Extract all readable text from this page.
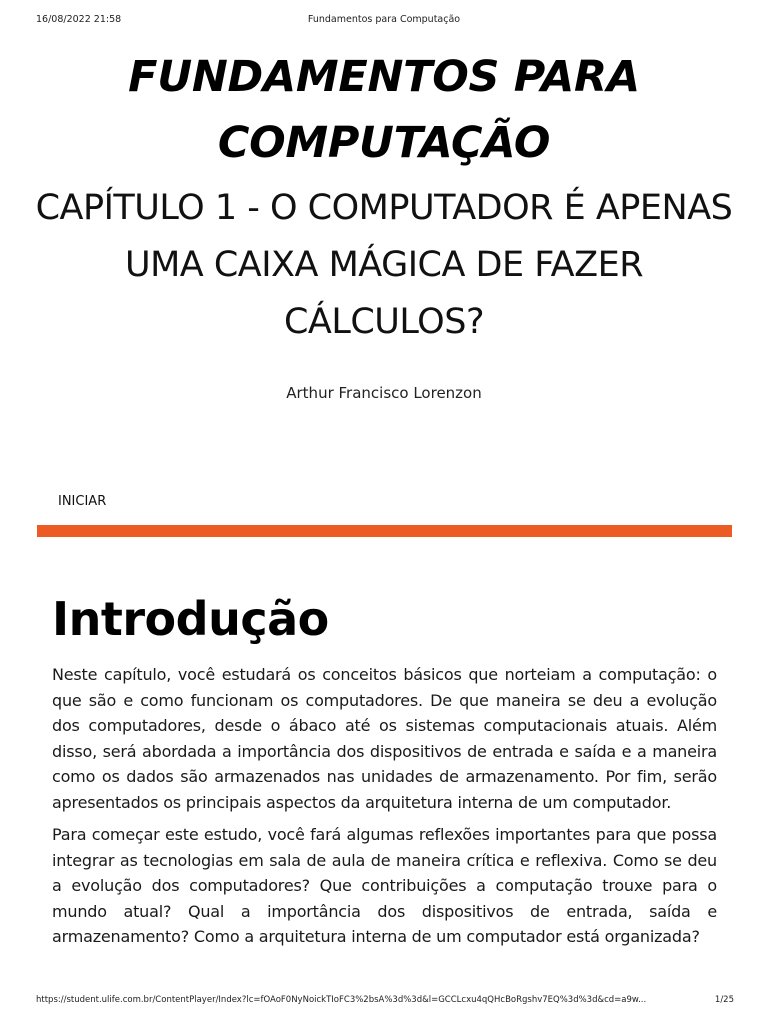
16/08/2022 21:58	Fundamentos para Computação
FUNDAMENTOS PARA COMPUTAÇÃO
CAPÍTULO 1 - O COMPUTADOR É APENAS UMA CAIXA MÁGICA DE FAZER CÁLCULOS?
Arthur Francisco Lorenzon
INICIAR
Introdução

Neste capítulo, você estudará os conceitos básicos que norteiam a computação: o que são e como funcionam os computadores. De que maneira se deu a evolução dos computadores, desde o ábaco até os sistemas computacionais atuais. Além disso, será abordada a importância dos dispositivos de entrada e saída e a maneira como os dados são armazenados nas unidades de armazenamento. Por fim, serão apresentados os principais aspectos da arquitetura interna de um computador.

Para começar este estudo, você fará algumas reflexões importantes para que possa integrar as tecnologias em sala de aula de maneira crítica e reflexiva. Como se deu a evolução dos computadores? Que contribuições a computação trouxe para o mundo atual? Qual a importância dos dispositivos de entrada, saída e armazenamento? Como a arquitetura interna de um computador está organizada?

https://student.ulife.com.br/ContentPlayer/Index?lc=fOAoF0NyNoickTIoFC3%2bsA%3d%3d&l=GCCLcxu4qQHcBoRgshv7EQ%3d%3d&cd=a9w...	1/25
